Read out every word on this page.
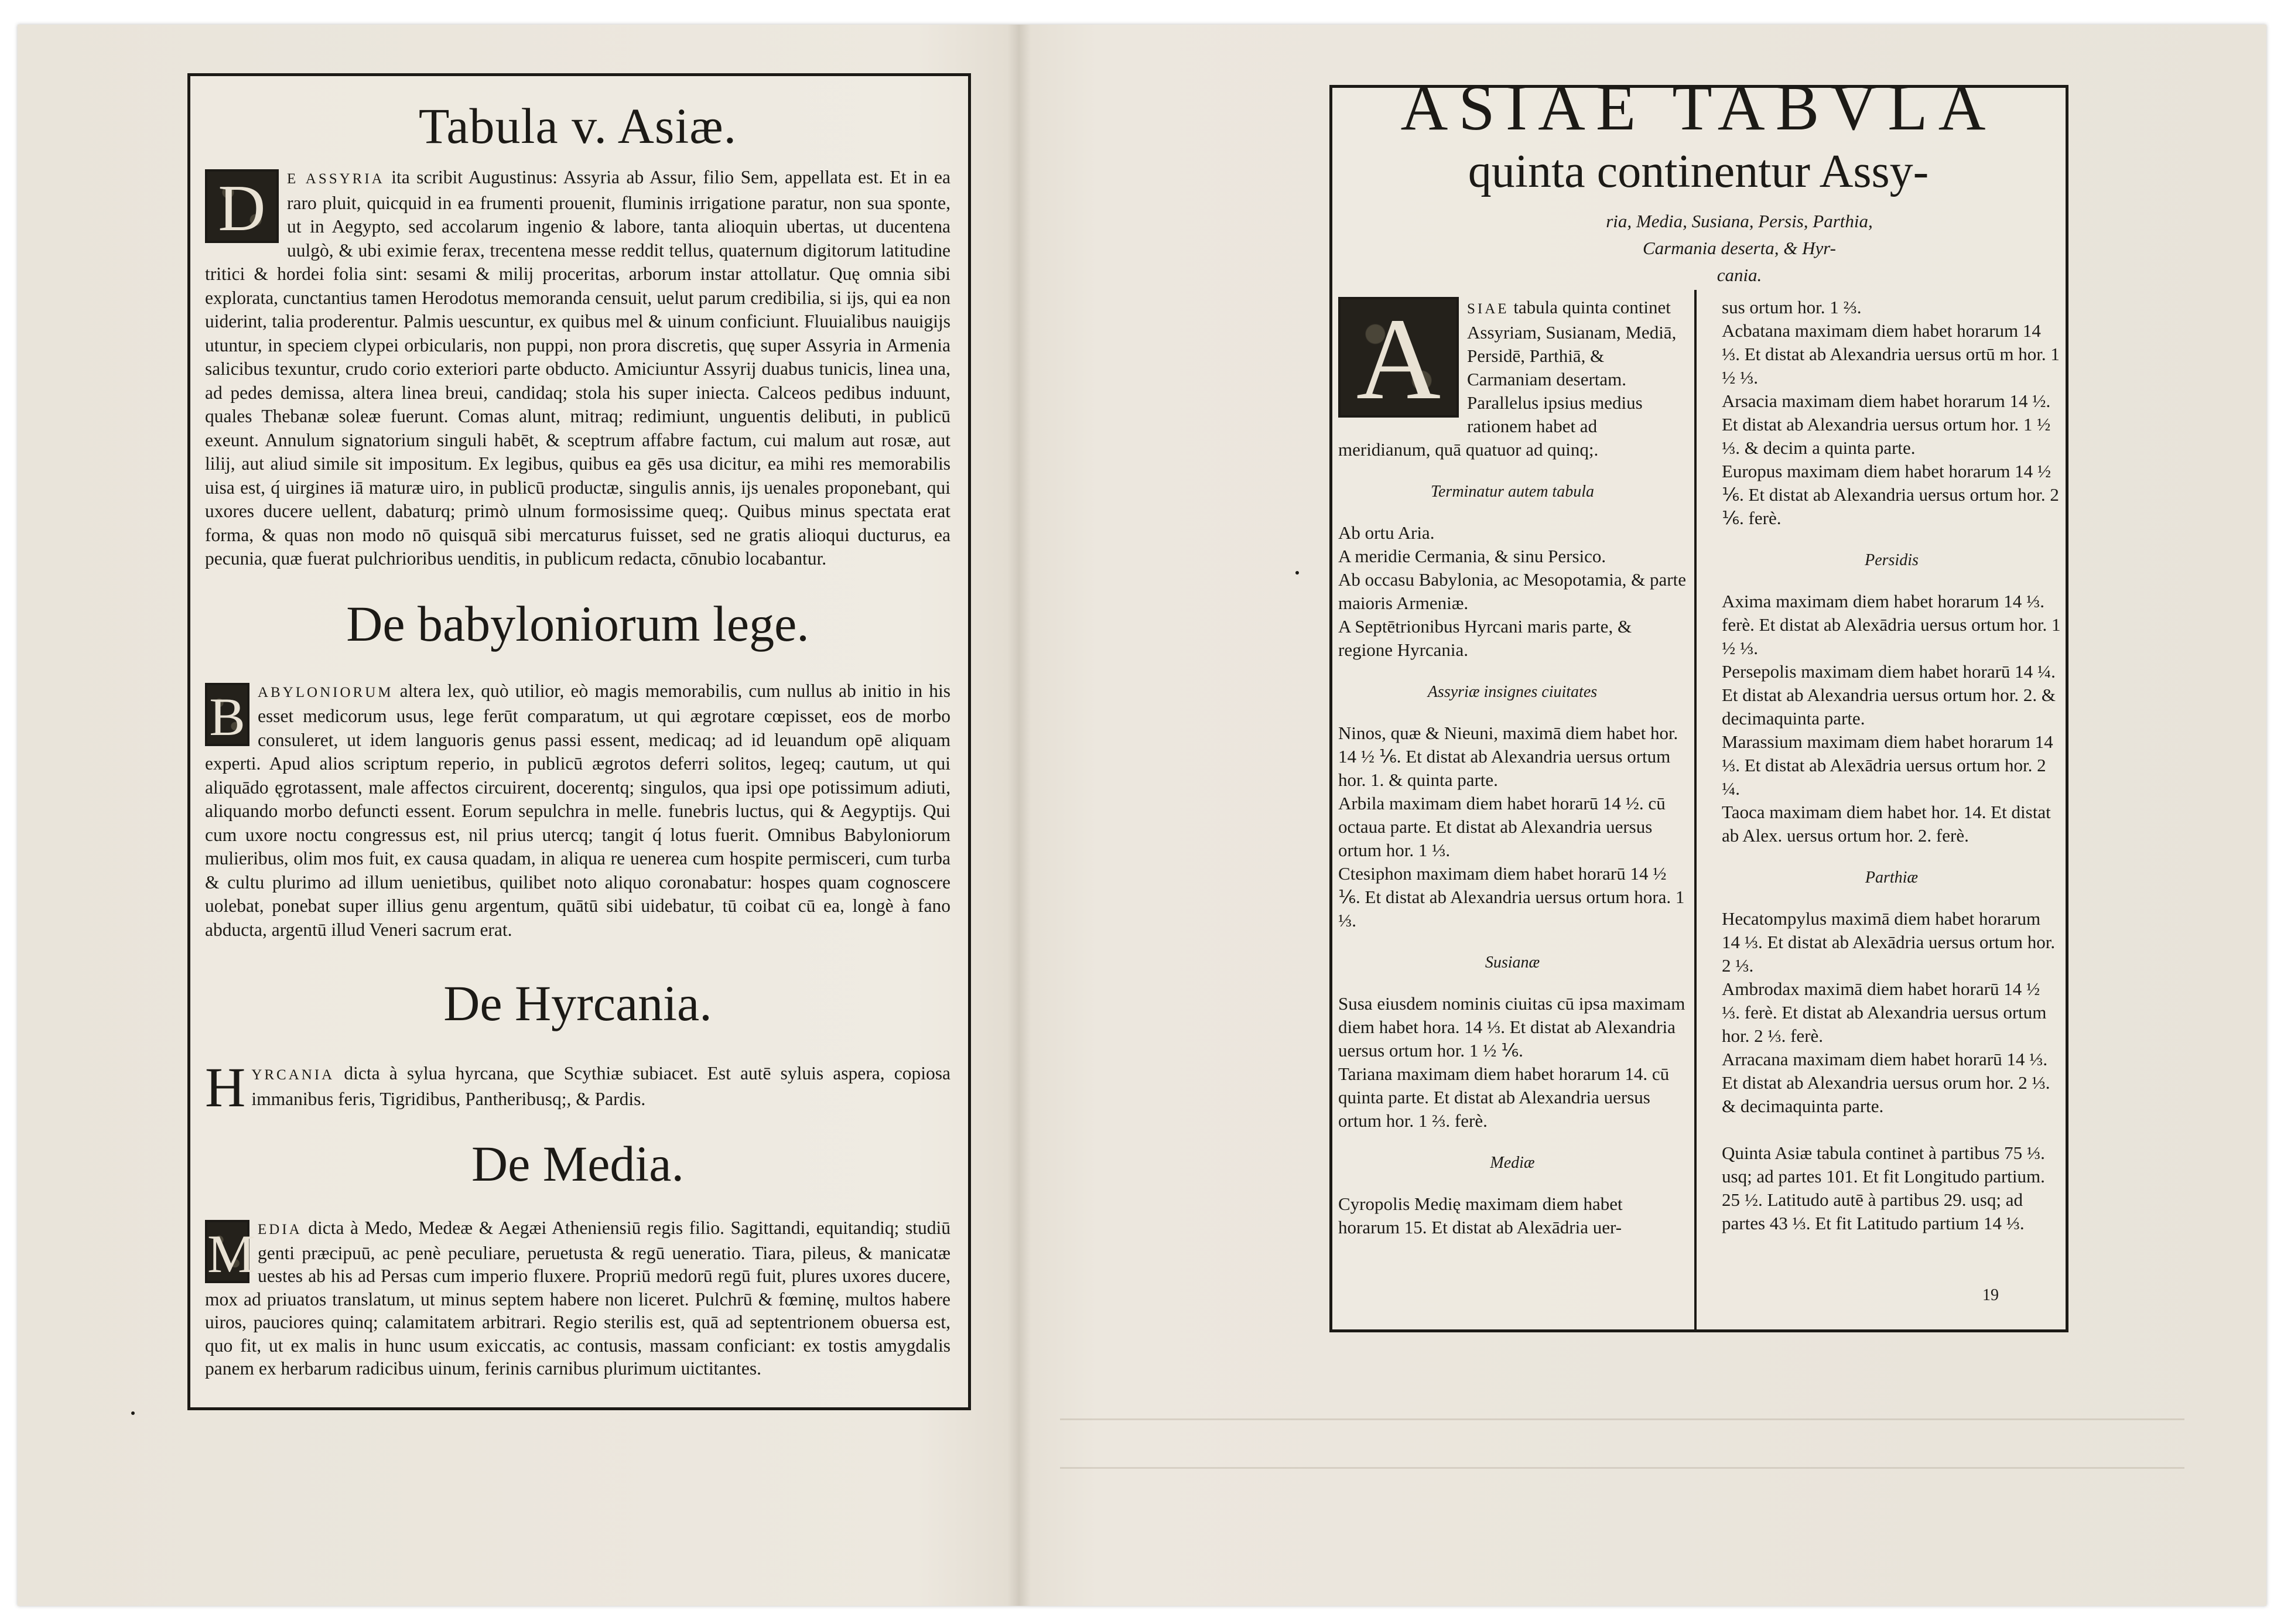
Tabula v. Asiæ.

D	E ASSYRIA ita scribit Augustinus: Assyria ab Assur, filio Sem, appellata est. Et in ea raro pluit, quicquid in ea frumenti prouenit, fluminis irrigatione paratur, non sua sponte, ut in Aegypto, sed accolarum ingenio & labore, tanta alioquin ubertas, ut ducentena uulgò, & ubi eximie ferax, trecentena messe reddit tellus, quaternum digitorum latitudine tritici & hordei folia sint: sesami & milij proceritas, arborum instar attollatur. Quę omnia sibi explorata, cunctantius tamen Herodotus memoranda censuit, uelut parum credibilia, si ijs, qui ea non uiderint, talia proderentur. Palmis uescuntur, ex quibus mel & uinum conficiunt. Fluuialibus nauigijs utuntur, in speciem clypei orbicularis, non puppi, non prora discretis, quę super Assyria in Armenia salicibus texuntur, crudo corio exteriori parte obducto. Amiciuntur Assyrij duabus tunicis, linea una, ad pedes demissa, altera linea breui, candidaq; stola his super iniecta. Calceos pedibus induunt, quales Thebanæ soleæ fuerunt. Comas alunt, mitraq; redimiunt, unguentis delibuti, in publicū exeunt. Annulum signatorium singuli habēt, & sceptrum affabre factum, cui malum aut rosæ, aut lilij, aut aliud simile sit impositum. Ex legibus, quibus ea gēs usa dicitur, ea mihi res memorabilis uisa est, q́ uirgines iā maturæ uiro, in publicū productæ, singulis annis, ijs uenales proponebant, qui uxores ducere uellent, dabaturq; primò ulnum formosissime queq;. Quibus minus spectata erat forma, & quas non modo nō quisquā sibi mercaturus fuisset, sed ne gratis alioqui ducturus, ea pecunia, quæ fuerat pulchrioribus uenditis, in publicum redacta, cōnubio locabantur.

De babyloniorum lege.

B ABYLONIORUM altera lex, quò utilior, eò magis memorabilis, cum nullus ab initio in his esset medicorum usus, lege ferūt comparatum, ut qui ægrotare cœpisset, eos de morbo consuleret, ut idem languoris genus passi essent, medicaq; ad id leuandum opē aliquam experti. Apud alios scriptum reperio, in publicū ægrotos deferri solitos, legeq; cautum, ut qui aliquādo ęgrotassent, male affectos circuirent, docerentq; singulos, qua ipsi ope potissimum adiuti, aliquando morbo defuncti essent. Eorum sepulchra in melle. funebris luctus, qui & Aegyptijs. Qui cum uxore noctu congressus est, nil prius utercq; tangit q́ lotus fuerit. Omnibus Babyloniorum mulieribus, olim mos fuit, ex causa quadam, in aliqua re uenerea cum hospite permisceri, cum turba & cultu plurimo ad illum uenietibus, quilibet noto aliquo coronabatur: hospes quam cognoscere uolebat, ponebat super illius genu argentum, quātū sibi uidebatur, tū coibat cū ea, longè à fano abducta, argentū illud Veneri sacrum erat.

De Hyrcania.

H YRCANIA dicta à sylua hyrcana, que Scythiæ subiacet. Est autē syluis aspera, copiosa immanibus feris, Tigridibus, Pantheribusq;, & Pardis.

De Media.

M EDIA dicta à Medo, Medeæ & Aegæi Atheniensiū regis filio. Sagittandi, equitandiq; studiū genti præcipuū, ac penè peculiare, peruetusta & regū ueneratio. Tiara, pileus, & manicatæ uestes ab his ad Persas cum imperio fluxere. Propriū medorū regū fuit, plures uxores ducere, mox ad priuatos translatum, ut minus septem habere non liceret. Pulchrū & fœminę, multos habere uiros, pauciores quinq; calamitatem arbitrari. Regio sterilis est, quā ad septentrionem obuersa est, quo fit, ut ex malis in hunc usum exiccatis, ac contusis, massam conficiant: ex tostis amygdalis panem ex herbarum radicibus uinum, ferinis carnibus plurimum uictitantes.

ASIAE TABVLA
quinta continentur Assy-
ria, Media, Susiana, Persis, Parthia,
Carmania deserta, & Hyr-
cania.

A	SIAE tabula quinta continet Assyriam, Susianam, Mediā, Persidē, Parthiā, & Carmaniam desertam. Parallelus ipsius medius rationem habet ad meridianum, quā quatuor ad quinq;.

Terminatur autem tabula

Ab ortu Aria.

A meridie Cermania, & sinu Persico.

Ab occasu Babylonia, ac Mesopotamia, & parte maioris Armeniæ.

A Septētrionibus Hyrcani maris parte, & regione Hyrcania.

Assyriæ insignes ciuitates

Ninos, quæ & Nieuni, maximā diem habet hor. 14 ½ ⅙. Et distat ab Alexandria uersus ortum hor. 1. & quinta parte.

Arbila maximam diem habet horarū 14 ½. cū octaua parte. Et distat ab Alexandria uersus ortum hor. 1 ⅓.

Ctesiphon maximam diem habet horarū 14 ½ ⅙. Et distat ab Alexandria uersus ortum hora. 1 ⅓.

Susianæ

Susa eiusdem nominis ciuitas cū ipsa maximam diem habet hora. 14 ⅓. Et distat ab Alexandria uersus ortum hor. 1 ½ ⅙.

Tariana maximam diem habet horarum 14. cū quinta parte. Et distat ab Alexandria uersus ortum hor. 1 ⅔. ferè.

Mediæ

Cyropolis Medię maximam diem habet horarum 15. Et distat ab Alexādria uer-

sus ortum hor. 1 ⅔.

Acbatana maximam diem habet horarum 14 ⅓. Et distat ab Alexandria uersus ortū m hor. 1 ½ ⅓.

Arsacia maximam diem habet horarum 14 ½. Et distat ab Alexandria uersus ortum hor. 1 ½ ⅓. & decim a quinta parte.

Europus maximam diem habet horarum 14 ½ ⅙. Et distat ab Alexandria uersus ortum hor. 2 ⅙. ferè.

Persidis

Axima maximam diem habet horarum 14 ⅓. ferè. Et distat ab Alexādria uersus ortum hor. 1 ½ ⅓.

Persepolis maximam diem habet horarū 14 ¼. Et distat ab Alexandria uersus ortum hor. 2. & decimaquinta parte.

Marassium maximam diem habet horarum 14 ⅓. Et distat ab Alexādria uersus ortum hor. 2 ¼.

Taoca maximam diem habet hor. 14. Et distat ab Alex. uersus ortum hor. 2. ferè.

Parthiæ

Hecatompylus maximā diem habet horarum 14 ⅓. Et distat ab Alexādria uersus ortum hor. 2 ⅓.

Ambrodax maximā diem habet horarū 14 ½ ⅓. ferè. Et distat ab Alexandria uersus ortum hor. 2 ⅓. ferè.

Arracana maximam diem habet horarū 14 ⅓. Et distat ab Alexandria uersus orum hor. 2 ⅓. & decimaquinta parte.

Quinta Asiæ tabula continet à partibus 75 ⅓. usq; ad partes 101. Et fit Longitudo partium. 25 ½. Latitudo autē à partibus 29. usq; ad partes 43 ⅓. Et fit Latitudo partium 14 ⅓.

19
